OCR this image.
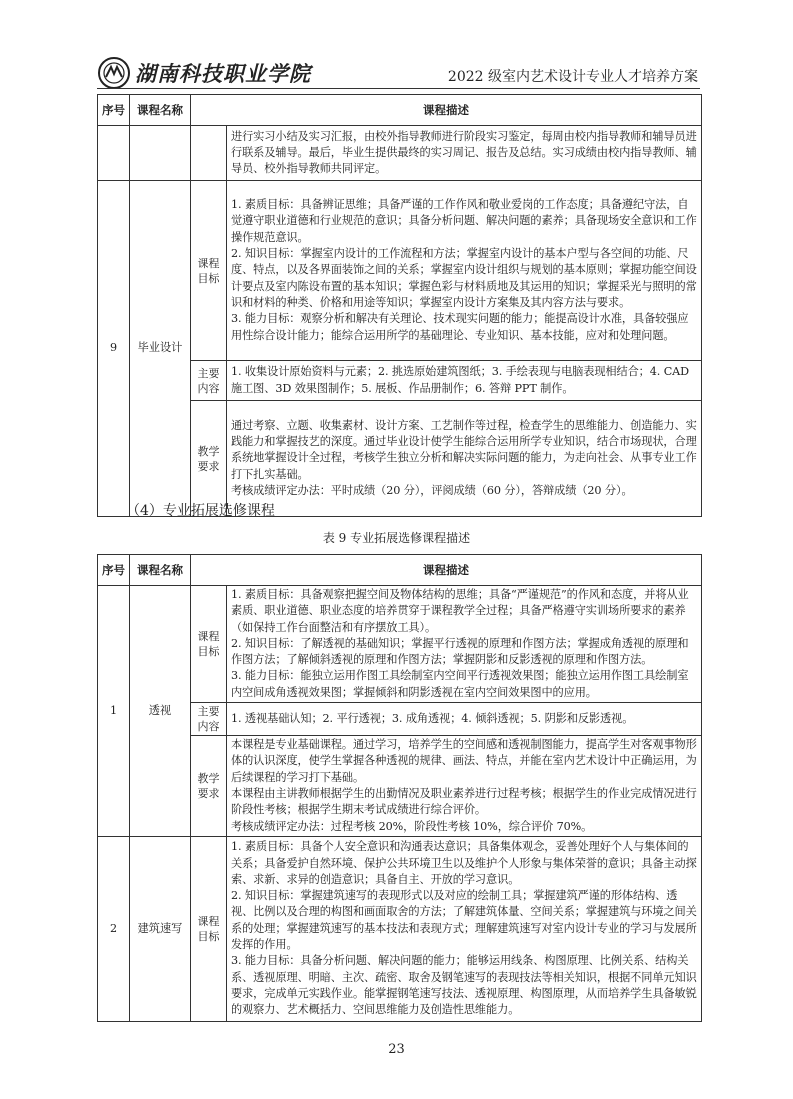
湖南科技职业学院	2022 级室内艺术设计专业人才培养方案
序号	课程名称	课程描述	
			进行实习小结及实习汇报，由校外指导教师进行阶段实习鉴定，每周由校内指导教师和辅导员进行联系及辅导。最后，毕业生提供最终的实习周记、报告及总结。实习成绩由校内指导教师、辅导员、校外指导教师共同评定。
9	毕业设计	课程目标	1. 素质目标：具备辨证思维；具备严谨的工作作风和敬业爱岗的工作态度；具备遵纪守法，自觉遵守职业道德和行业规范的意识；具备分析问题、解决问题的素养；具备现场安全意识和工作操作规范意识。
2. 知识目标：掌握室内设计的工作流程和方法；掌握室内设计的基本户型与各空间的功能、尺度、特点，以及各界面装饰之间的关系；掌握室内设计组织与规划的基本原则；掌握功能空间设计要点及室内陈设布置的基本知识；掌握色彩与材料质地及其运用的知识；掌握采光与照明的常识和材料的种类、价格和用途等知识；掌握室内设计方案集及其内容方法与要求。
3. 能力目标：观察分析和解决有关理论、技术现实问题的能力；能提高设计水准，具备较强应用性综合设计能力；能综合运用所学的基础理论、专业知识、基本技能，应对和处理问题。
		主要内容	1. 收集设计原始资料与元素；2. 挑选原始建筑图纸；3. 手绘表现与电脑表现相结合；4. CAD 施工图、3D 效果图制作；5. 展板、作品册制作；6. 答辩 PPT 制作。
		教学要求	通过考察、立题、收集素材、设计方案、工艺制作等过程，检查学生的思维能力、创造能力、实践能力和掌握技艺的深度。通过毕业设计使学生能综合运用所学专业知识，结合市场现状，合理系统地掌握设计全过程，考核学生独立分析和解决实际问题的能力，为走向社会、从事专业工作打下扎实基础。
考核成绩评定办法：平时成绩（20 分），评阅成绩（60 分），答辩成绩（20 分）。
（4）专业拓展选修课程
表 9 专业拓展选修课程描述
序号	课程名称	课程描述	
1	透视	课程目标	1. 素质目标：具备观察把握空间及物体结构的思维；具备“严谨规范”的作风和态度，并将从业素质、职业道德、职业态度的培养贯穿于课程教学全过程；具备严格遵守实训场所要求的素养（如保持工作台面整洁和有序摆放工具）。
2. 知识目标：了解透视的基础知识；掌握平行透视的原理和作图方法；掌握成角透视的原理和作图方法；了解倾斜透视的原理和作图方法；掌握阴影和反影透视的原理和作图方法。
3. 能力目标：能独立运用作图工具绘制室内空间平行透视效果图；能独立运用作图工具绘制室内空间成角透视效果图；掌握倾斜和阴影透视在室内空间效果图中的应用。
		主要内容	1. 透视基础认知；2. 平行透视；3. 成角透视；4. 倾斜透视；5. 阴影和反影透视。
		教学要求	本课程是专业基础课程。通过学习，培养学生的空间感和透视制图能力，提高学生对客观事物形体的认识深度，使学生掌握各种透视的规律、画法、特点，并能在室内艺术设计中正确运用，为后续课程的学习打下基础。
本课程由主讲教师根据学生的出勤情况及职业素养进行过程考核；根据学生的作业完成情况进行阶段性考核；根据学生期末考试成绩进行综合评价。
考核成绩评定办法：过程考核 20%，阶段性考核 10%，综合评价 70%。
2	建筑速写	课程目标	1. 素质目标：具备个人安全意识和沟通表达意识；具备集体观念，妥善处理好个人与集体间的关系；具备爱护自然环境、保护公共环境卫生以及维护个人形象与集体荣誉的意识；具备主动探索、求新、求异的创造意识；具备自主、开放的学习意识。
2. 知识目标：掌握建筑速写的表现形式以及对应的绘制工具；掌握建筑严谨的形体结构、透视、比例以及合理的构图和画面取舍的方法；了解建筑体量、空间关系；掌握建筑与环境之间关系的处理；掌握建筑速写的基本技法和表现方式；理解建筑速写对室内设计专业的学习与发展所发挥的作用。
3. 能力目标：具备分析问题、解决问题的能力；能够运用线条、构图原理、比例关系、结构关系、透视原理、明暗、主次、疏密、取舍及钢笔速写的表现技法等相关知识，根据不同单元知识要求，完成单元实践作业。能掌握钢笔速写技法、透视原理、构图原理，从而培养学生具备敏锐的观察力、艺术概括力、空间思维能力及创造性思维能力。
23
